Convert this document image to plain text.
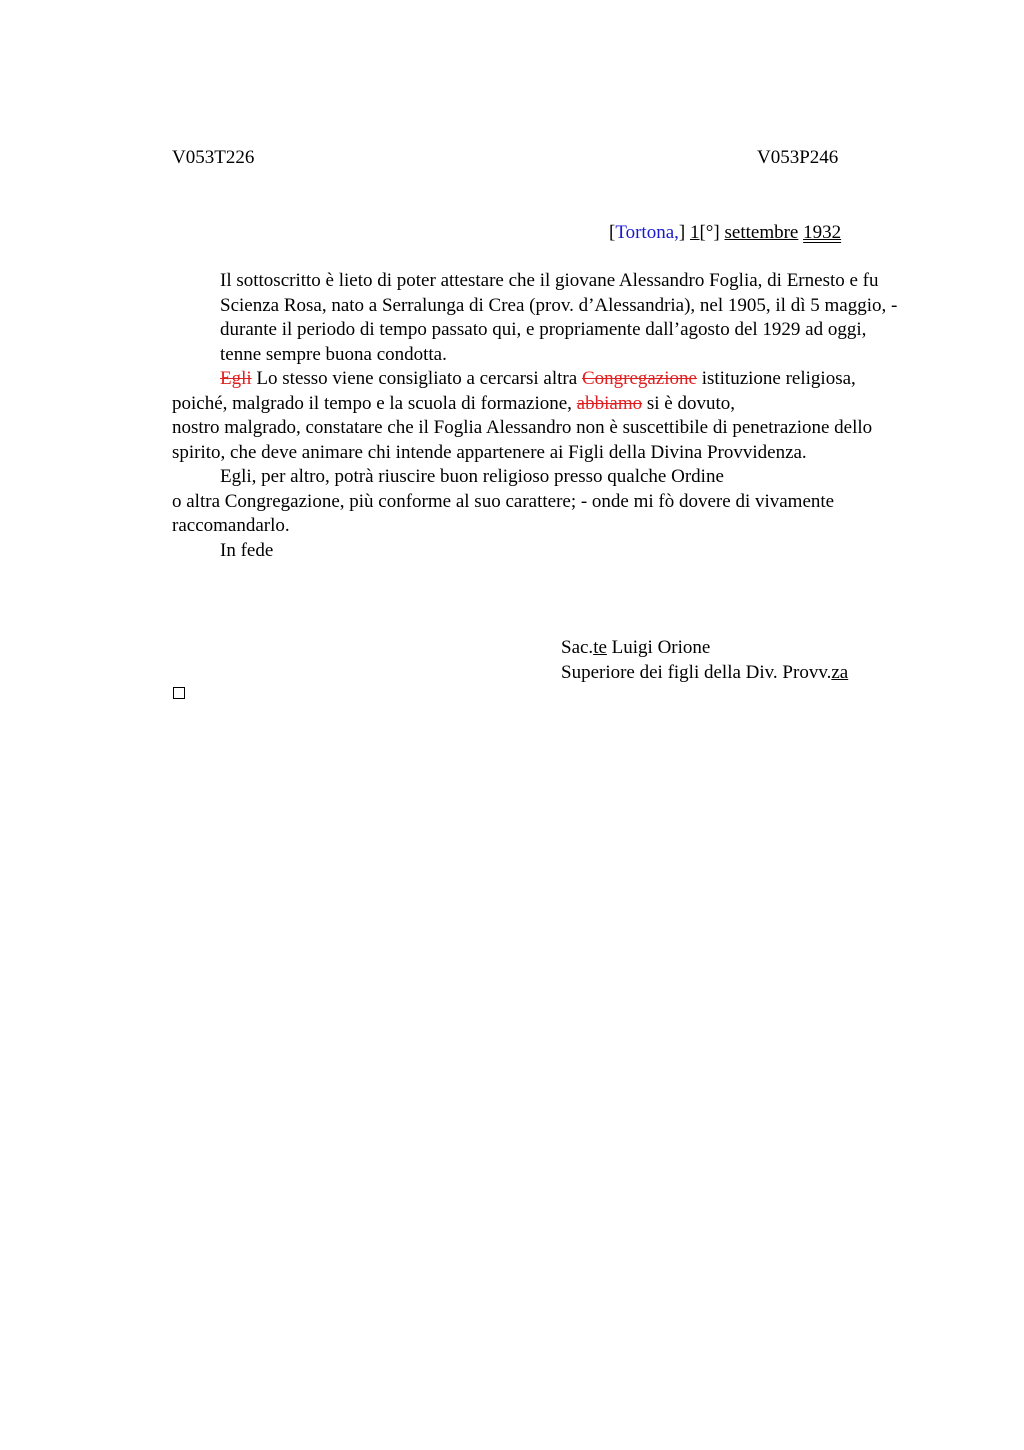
V053T226	V053P246
[Tortona,] 1[°] settembre 1932

Il sottoscritto è lieto di poter attestare che il giovane Alessandro Foglia, di Ernesto e fu Scienza Rosa, nato a Serralunga di Crea (prov. d’Alessandria), nel 1905, il dì 5 maggio, - durante il periodo di tempo passato qui, e propriamente dall’agosto del 1929 ad oggi, tenne sempre buona condotta.

Egli Lo stesso viene consigliato a cercarsi altra Congregazione istituzione religiosa,

poiché, malgrado il tempo e la scuola di formazione, abbiamo si è dovuto,

nostro malgrado, constatare che il Foglia Alessandro non è suscettibile di penetrazione dello spirito, che deve animare chi intende appartenere ai Figli della Divina Provvidenza.

Egli, per altro, potrà riuscire buon religioso presso qualche Ordine

o altra Congregazione, più conforme al suo carattere; - onde mi fò dovere di vivamente raccomandarlo.

In fede

Sac.te Luigi Orione
Superiore dei figli della Div. Provv.za
